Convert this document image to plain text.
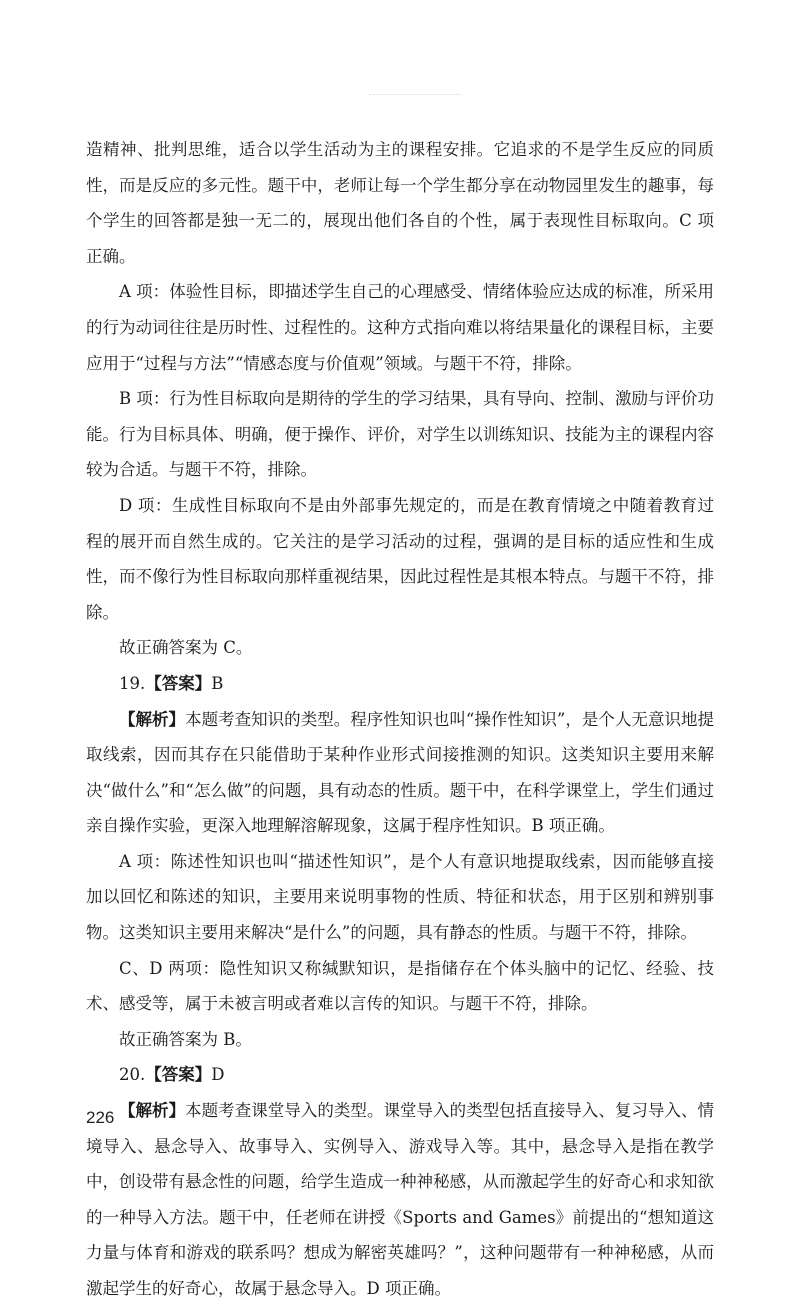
造精神、批判思维，适合以学生活动为主的课程安排。它追求的不是学生反应的同质性，而是反应的多元性。题干中，老师让每一个学生都分享在动物园里发生的趣事，每个学生的回答都是独一无二的，展现出他们各自的个性，属于表现性目标取向。C 项正确。

A 项：体验性目标，即描述学生自己的心理感受、情绪体验应达成的标准，所采用的行为动词往往是历时性、过程性的。这种方式指向难以将结果量化的课程目标，主要应用于“过程与方法”“情感态度与价值观”领域。与题干不符，排除。

B 项：行为性目标取向是期待的学生的学习结果，具有导向、控制、激励与评价功能。行为目标具体、明确，便于操作、评价，对学生以训练知识、技能为主的课程内容较为合适。与题干不符，排除。

D 项：生成性目标取向不是由外部事先规定的，而是在教育情境之中随着教育过程的展开而自然生成的。它关注的是学习活动的过程，强调的是目标的适应性和生成性，而不像行为性目标取向那样重视结果，因此过程性是其根本特点。与题干不符，排除。

故正确答案为 C。

19.【答案】B

【解析】本题考查知识的类型。程序性知识也叫“操作性知识”，是个人无意识地提取线索，因而其存在只能借助于某种作业形式间接推测的知识。这类知识主要用来解决“做什么”和“怎么做”的问题，具有动态的性质。题干中，在科学课堂上，学生们通过亲自操作实验，更深入地理解溶解现象，这属于程序性知识。B 项正确。

A 项：陈述性知识也叫“描述性知识”，是个人有意识地提取线索，因而能够直接加以回忆和陈述的知识，主要用来说明事物的性质、特征和状态，用于区别和辨别事物。这类知识主要用来解决“是什么”的问题，具有静态的性质。与题干不符，排除。

C、D 两项：隐性知识又称缄默知识，是指储存在个体头脑中的记忆、经验、技术、感受等，属于未被言明或者难以言传的知识。与题干不符，排除。

故正确答案为 B。

20.【答案】D

【解析】本题考查课堂导入的类型。课堂导入的类型包括直接导入、复习导入、情境导入、悬念导入、故事导入、实例导入、游戏导入等。其中，悬念导入是指在教学中，创设带有悬念性的问题，给学生造成一种神秘感，从而激起学生的好奇心和求知欲的一种导入方法。题干中，任老师在讲授《Sports and Games》前提出的“想知道这力量与体育和游戏的联系吗？想成为解密英雄吗？”，这种问题带有一种神秘感，从而激起学生的好奇心，故属于悬念导入。D 项正确。

226
